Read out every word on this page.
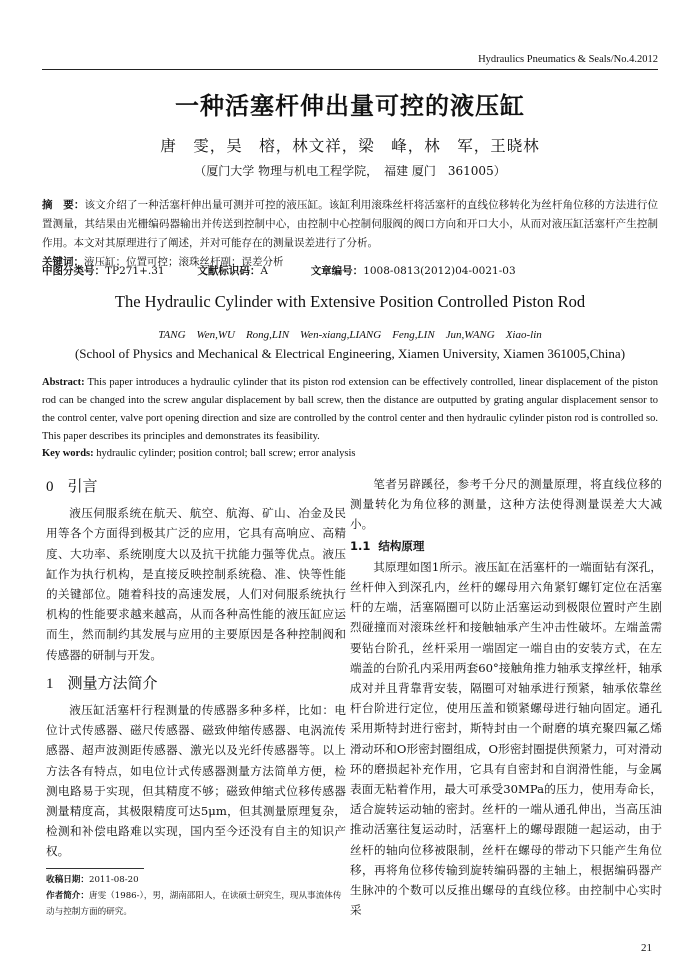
Hydraulics Pneumatics & Seals/No.4.2012
一种活塞杆伸出量可控的液压缸
唐　雯，吴　榕，林文祥，梁　峰，林　军，王晓林
（厦门大学 物理与机电工程学院，　福建 厦门　361005）
摘　要：该文介绍了一种活塞杆伸出量可测并可控的液压缸。该缸利用滚珠丝杆将活塞杆的直线位移转化为丝杆角位移的方法进行位置测量，其结果由光栅编码器输出并传送到控制中心，由控制中心控制伺服阀的阀口方向和开口大小，从而对液压缸活塞杆产生控制作用。本文对其原理进行了阐述，并对可能存在的测量误差进行了分析。
关键词：液压缸；位置可控；滚珠丝杆副；误差分析
中图分类号：TP271+.31	文献标识码：A	文章编号：1008-0813(2012)04-0021-03
The Hydraulic Cylinder with Extensive Position Controlled Piston Rod
TANG　Wen,WU　Rong,LIN　Wen-xiang,LIANG　Feng,LIN　Jun,WANG　Xiao-lin
(School of Physics and Mechanical & Electrical Engineering, Xiamen University, Xiamen 361005,China)
Abstract: This paper introduces a hydraulic cylinder that its piston rod extension can be effectively controlled, linear displacement of the piston rod can be changed into the screw angular displacement by ball screw, then the distance are outputted by grating angular displacement sensor to the control center, valve port opening direction and size are controlled by the control center and then hydraulic cylinder piston rod is controlled so. This paper describes its principles and demonstrates its feasibility.
Key words: hydraulic cylinder; position control; ball screw; error analysis
0 引言

液压伺服系统在航天、航空、航海、矿山、冶金及民用等各个方面得到极其广泛的应用，它具有高响应、高精度、大功率、系统刚度大以及抗干扰能力强等优点。液压缸作为执行机构，是直接反映控制系统稳、准、快等性能的关键部位。随着科技的高速发展，人们对伺服系统执行机构的性能要求越来越高，从而各种高性能的液压缸应运而生，然而制约其发展与应用的主要原因是各种控制阀和传感器的研制与开发。

1 测量方法简介

液压缸活塞杆行程测量的传感器多种多样，比如：电位计式传感器、磁尺传感器、磁致伸缩传感器、电涡流传感器、超声波测距传感器、激光以及光纤传感器等。以上方法各有特点，如电位计式传感器测量方法简单方便，检测电路易于实现，但其精度不够；磁致伸缩式位移传感器测量精度高，其极限精度可达5μm，但其测量原理复杂，检测和补偿电路难以实现，国内至今还没有自主的知识产权。

笔者另辟蹊径，参考千分尺的测量原理，将直线位移的测量转化为角位移的测量，这种方法使得测量误差大大减小。

1.1 结构原理

其原理如图1所示。液压缸在活塞杆的一端面钻有深孔，丝杆伸入到深孔内，丝杆的螺母用六角紧钉螺钉定位在活塞杆的左端，活塞隔圈可以防止活塞运动到极限位置时产生剧烈碰撞而对滚珠丝杆和接触轴承产生冲击性破坏。左端盖需要钻台阶孔，丝杆采用一端固定一端自由的安装方式，在左端盖的台阶孔内采用两套60°接触角推力轴承支撑丝杆，轴承成对并且背靠背安装，隔圈可对轴承进行预紧，轴承依靠丝杆台阶进行定位，使用压盖和锁紧螺母进行轴向固定。通孔采用斯特封进行密封，斯特封由一个耐磨的填充聚四氟乙烯滑动环和O形密封圈组成，O形密封圈提供预紧力，可对滑动环的磨损起补充作用，它具有自密封和自润滑性能，与金属表面无粘着作用，最大可承受30MPa的压力，使用寿命长，适合旋转运动轴的密封。丝杆的一端从通孔伸出，当高压油推动活塞往复运动时，活塞杆上的螺母跟随一起运动，由于丝杆的轴向位移被限制，丝杆在螺母的带动下只能产生角位移，再将角位移传输到旋转编码器的主轴上，根据编码器产生脉冲的个数可以反推出螺母的直线位移。由控制中心实时采

收稿日期：2011-08-20
作者简介：唐雯（1986-），男，湖南邵阳人，在读硕士研究生，现从事流体传动与控制方面的研究。
21
